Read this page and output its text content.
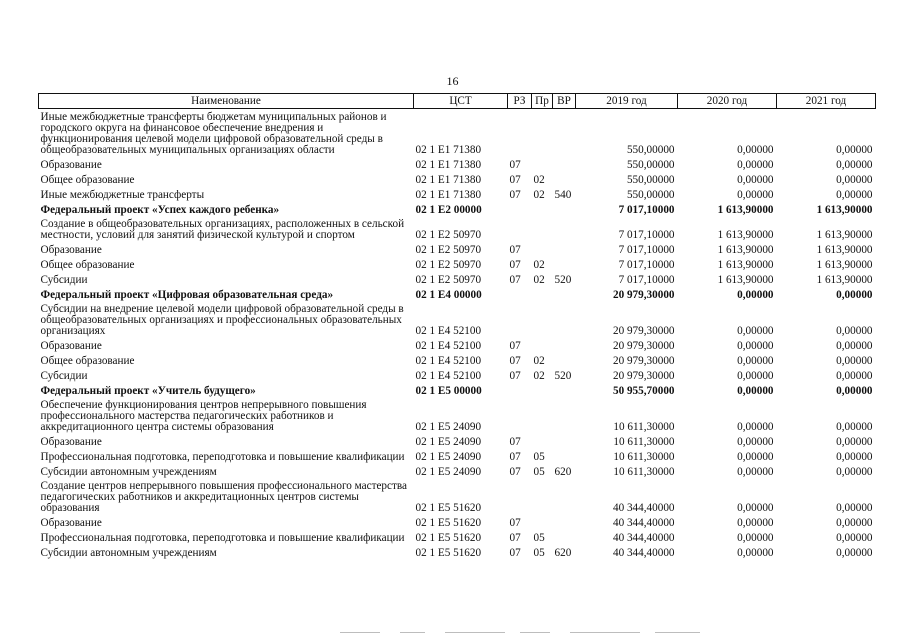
16
Наименование	ЦСТ	РЗ	Пр	ВР	2019 год	2020 год	2021 год
Иные межбюджетные трансферты бюджетам муниципальных районов и городского округа на финансовое обеспечение внедрения и функционирования целевой модели цифровой образовательной среды в общеобразовательных муниципальных организациях области	02 1 E1 71380				550,00000	0,00000	0,00000
Образование	02 1 E1 71380	07			550,00000	0,00000	0,00000
Общее образование	02 1 E1 71380	07	02		550,00000	0,00000	0,00000
Иные межбюджетные трансферты	02 1 E1 71380	07	02	540	550,00000	0,00000	0,00000
Федеральный проект «Успех каждого ребенка»	02 1 E2 00000				7 017,10000	1 613,90000	1 613,90000
Создание в общеобразовательных организациях, расположенных в сельской местности, условий для занятий физической культурой и спортом	02 1 E2 50970				7 017,10000	1 613,90000	1 613,90000
Образование	02 1 E2 50970	07			7 017,10000	1 613,90000	1 613,90000
Общее образование	02 1 E2 50970	07	02		7 017,10000	1 613,90000	1 613,90000
Субсидии	02 1 E2 50970	07	02	520	7 017,10000	1 613,90000	1 613,90000
Федеральный проект «Цифровая образовательная среда»	02 1 E4 00000				20 979,30000	0,00000	0,00000
Субсидии на внедрение целевой модели цифровой образовательной среды в общеобразовательных организациях и профессиональных образовательных организациях	02 1 E4 52100				20 979,30000	0,00000	0,00000
Образование	02 1 E4 52100	07			20 979,30000	0,00000	0,00000
Общее образование	02 1 E4 52100	07	02		20 979,30000	0,00000	0,00000
Субсидии	02 1 E4 52100	07	02	520	20 979,30000	0,00000	0,00000
Федеральный проект «Учитель будущего»	02 1 E5 00000				50 955,70000	0,00000	0,00000
Обеспечение функционирования центров непрерывного повышения профессионального мастерства педагогических работников и аккредитационного центра системы образования	02 1 E5 24090				10 611,30000	0,00000	0,00000
Образование	02 1 E5 24090	07			10 611,30000	0,00000	0,00000
Профессиональная подготовка, переподготовка и повышение квалификации	02 1 E5 24090	07	05		10 611,30000	0,00000	0,00000
Субсидии автономным учреждениям	02 1 E5 24090	07	05	620	10 611,30000	0,00000	0,00000
Создание центров непрерывного повышения профессионального мастерства педагогических работников и аккредитационных центров системы образования	02 1 E5 51620				40 344,40000	0,00000	0,00000
Образование	02 1 E5 51620	07			40 344,40000	0,00000	0,00000
Профессиональная подготовка, переподготовка и повышение квалификации	02 1 E5 51620	07	05		40 344,40000	0,00000	0,00000
Субсидии автономным учреждениям	02 1 E5 51620	07	05	620	40 344,40000	0,00000	0,00000
